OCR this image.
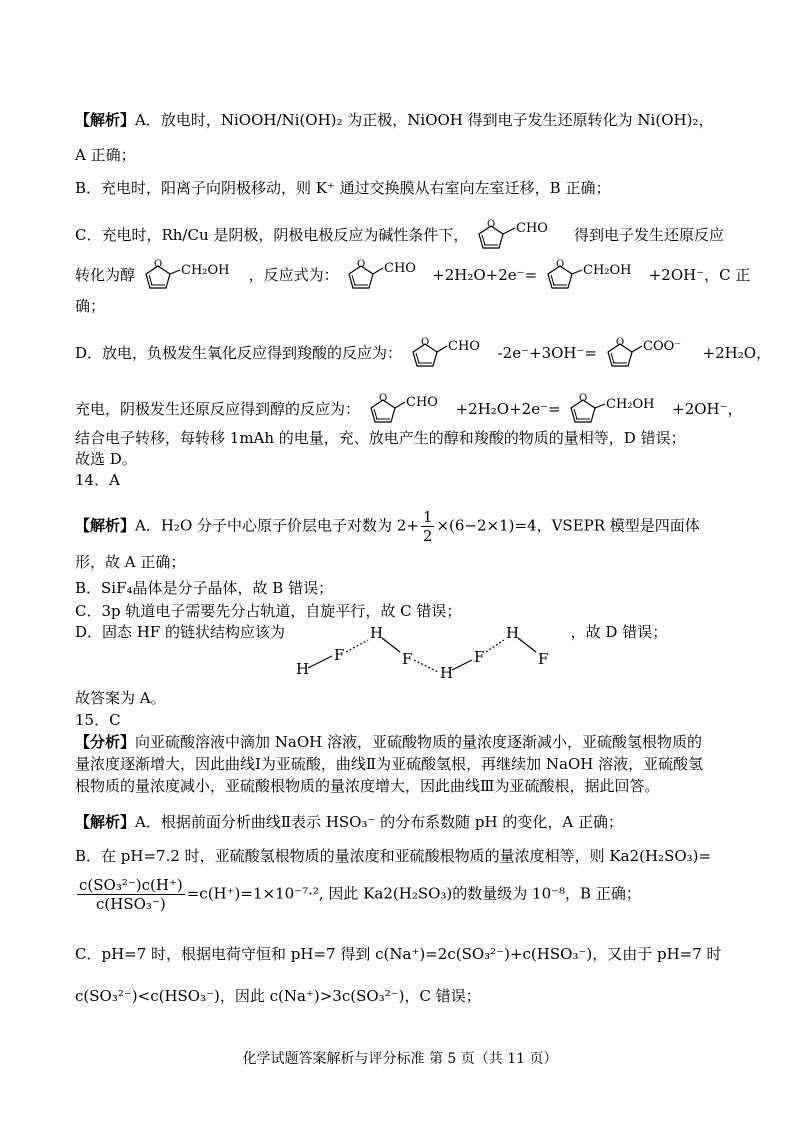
【解析】A．放电时，NiOOH/Ni(OH)₂ 为正极，NiOOH 得到电子发生还原转化为 Ni(OH)₂，
A 正确；
B．充电时，阳离子向阴极移动，则 K⁺ 通过交换膜从右室向左室迁移，B 正确；
C．充电时，Rh/Cu 是阴极，阴极电极反应为碱性条件下，
O CHO 得到电子发生还原反应
转化为醇
O CH₂OH ，反应式为：
O CHO +2H₂O+2e⁻=
O CH₂OH +2OH⁻，C 正
确；
D．放电，负极发生氧化反应得到羧酸的反应为：
O CHO -2e⁻+3OH⁻=
O COO⁻ +2H₂O，
充电，阴极发生还原反应得到醇的反应为：
O CHO +2H₂O+2e⁻=
O CH₂OH +2OH⁻，
结合电子转移，每转移 1mAh 的电量，充、放电产生的醇和羧酸的物质的量相等，D 错误；
故选 D。
14．A
【解析】A．H₂O 分子中心原子价层电子对数为 $2+ \frac{1}{2} \times(6-2\times 1)=4$，VSEPR 模型是四面体
形，故 A 正确；
B．SiF₄晶体是分子晶体，故 B 错误；
C．3p 轨道电子需要先分占轨道，自旋平行，故 C 错误；
D．固态 HF 的链状结构应该为
H
F
H
F
H
F
H
F
，故 D 错误；
故答案为 A。
15．C
【分析】向亚硫酸溶液中滴加 NaOH 溶液，亚硫酸物质的量浓度逐渐减小，亚硫酸氢根物质的
量浓度逐渐增大，因此曲线Ⅰ为亚硫酸，曲线Ⅱ为亚硫酸氢根，再继续加 NaOH 溶液，亚硫酸氢
根物质的量浓度减小，亚硫酸根物质的量浓度增大，因此曲线Ⅲ为亚硫酸根，据此回答。
【解析】A．根据前面分析曲线Ⅱ表示 HSO₃⁻ 的分布系数随 pH 的变化，A 正确；
B．在 pH=7.2 时，亚硫酸氢根物质的量浓度和亚硫酸根物质的量浓度相等，则 Ka2(H₂SO₃)=
$\frac{\text{c(SO₃²⁻)c(H⁺)}}{\text{c(HSO₃⁻)}} =c(H^+)=1\times 10^{-7}\cdot^2$, 因此 Ka2(H₂SO₃)的数量级为 10⁻⁸，B 正确；
C．pH=7 时，根据电荷守恒和 pH=7 得到 c(Na⁺)=2c(SO₃²⁻)+c(HSO₃⁻)，又由于 pH=7 时
c(SO₃²⁻)<c(HSO₃⁻)，因此 c(Na⁺)>3c(SO₃²⁻)，C 错误；
化学试题答案解析与评分标准 第 5 页（共 11 页）
